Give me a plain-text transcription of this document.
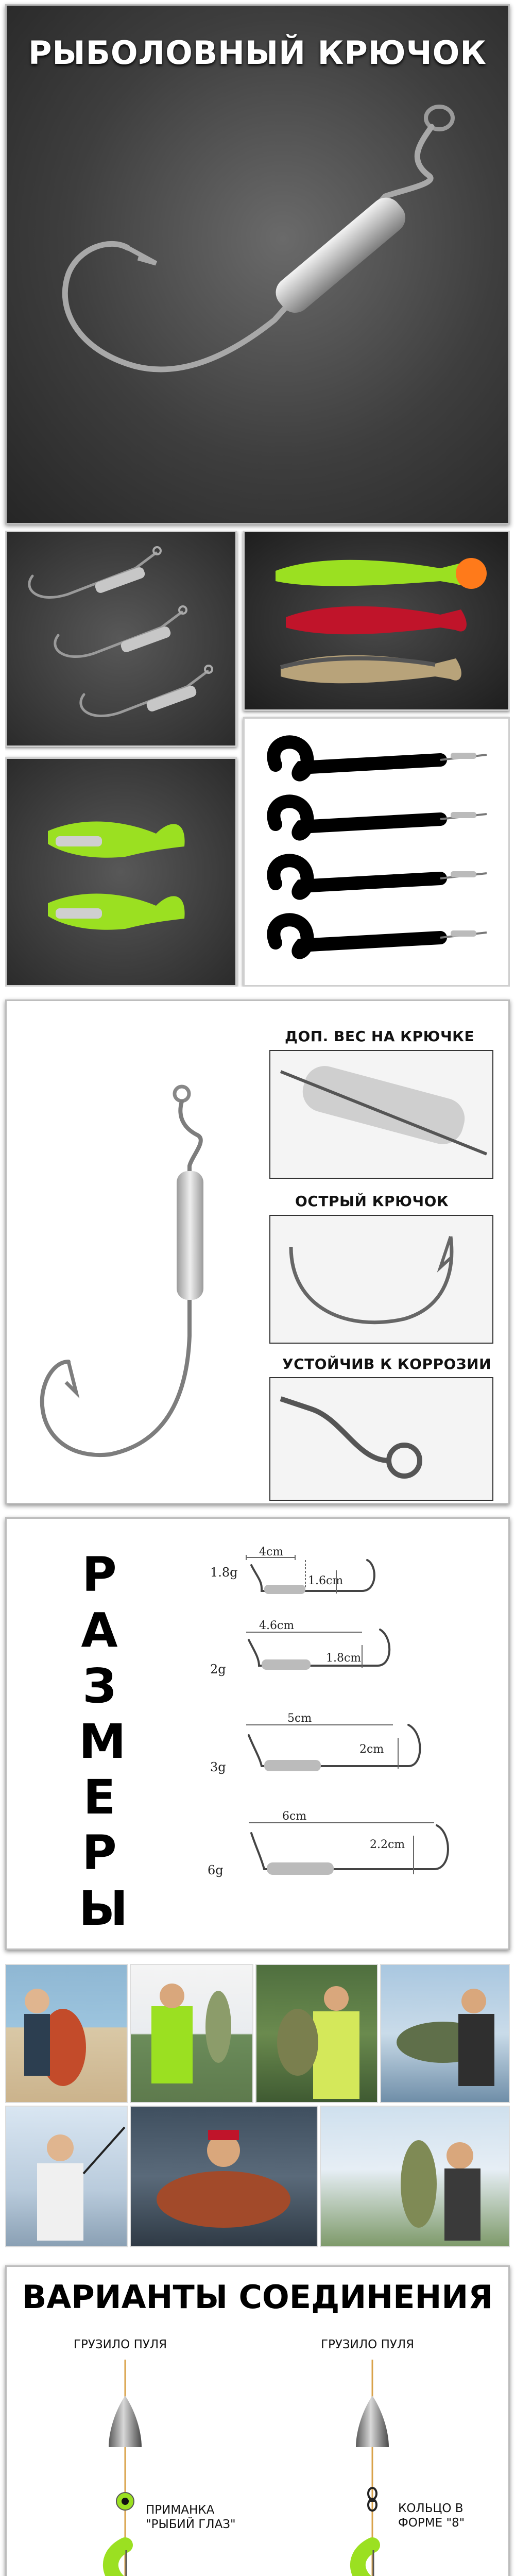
РЫБОЛОВНЫЙ КРЮЧОК
ДОП. ВЕС НА КРЮЧКЕ
ОСТРЫЙ КРЮЧОК
УСТОЙЧИВ К КОРРОЗИИ
Р
А
З
М
Е
Р
Ы
1.8g
4cm
1.6cm
2g
4.6cm
1.8cm
3g
5cm
2cm
6g
6cm
2.2cm
ВАРИАНТЫ СОЕДИНЕНИЯ
ГРУЗИЛО ПУЛЯ	ГРУЗИЛО ПУЛЯ
ПРИМАНКА
"РЫБИЙ ГЛАЗ"
КОЛЬЦО В
ФОРМЕ "8"
